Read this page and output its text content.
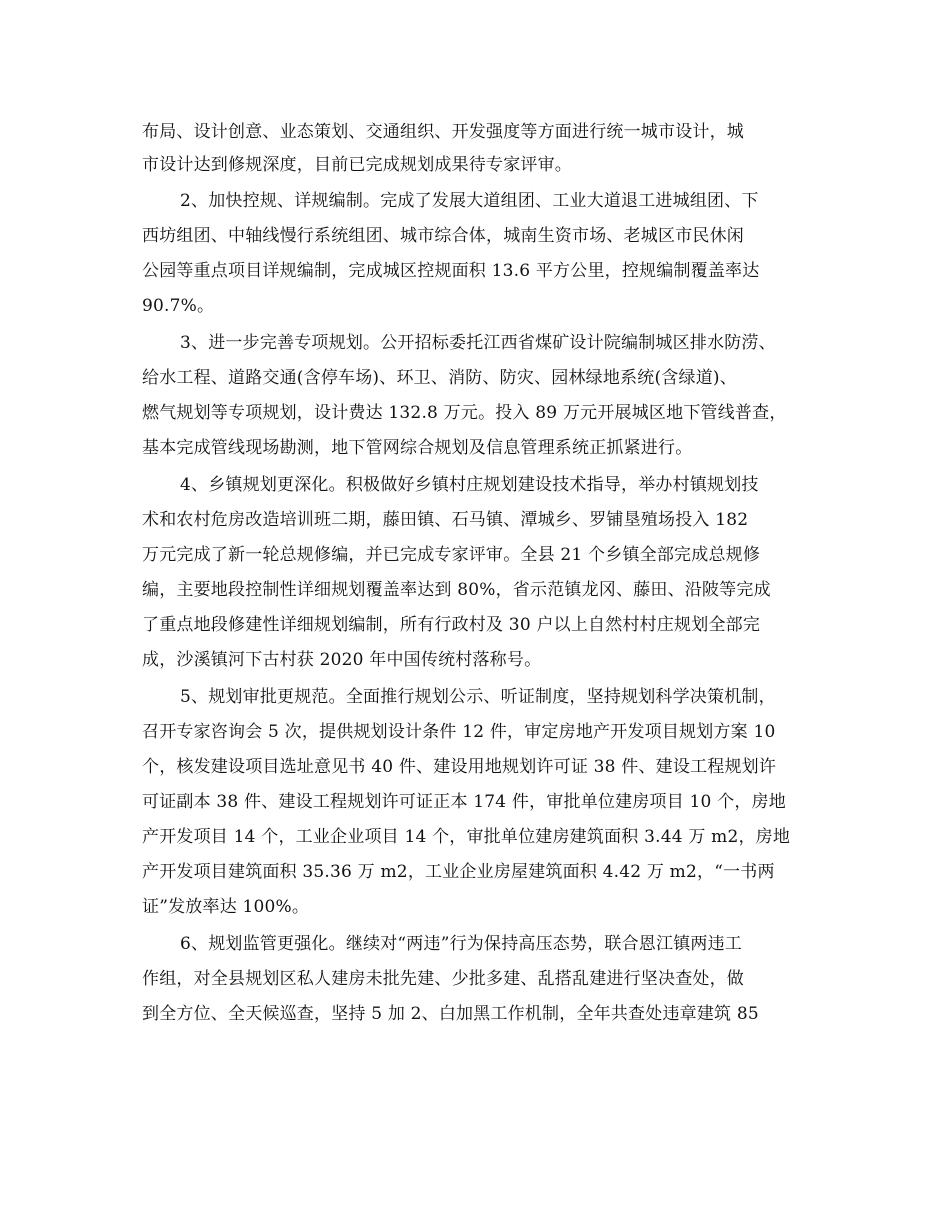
布局、设计创意、业态策划、交通组织、开发强度等方面进行统一城市设计，城
市设计达到修规深度，目前已完成规划成果待专家评审。
2、加快控规、详规编制。完成了发展大道组团、工业大道退工进城组团、下
西坊组团、中轴线慢行系统组团、城市综合体，城南生资市场、老城区市民休闲
公园等重点项目详规编制，完成城区控规面积 13.6 平方公里，控规编制覆盖率达
90.7%。
3、进一步完善专项规划。公开招标委托江西省煤矿设计院编制城区排水防涝、
给水工程、道路交通(含停车场)、环卫、消防、防灾、园林绿地系统(含绿道)、
燃气规划等专项规划，设计费达 132.8 万元。投入 89 万元开展城区地下管线普查，
基本完成管线现场勘测，地下管网综合规划及信息管理系统正抓紧进行。
4、乡镇规划更深化。积极做好乡镇村庄规划建设技术指导，举办村镇规划技
术和农村危房改造培训班二期，藤田镇、石马镇、潭城乡、罗铺垦殖场投入 182
万元完成了新一轮总规修编，并已完成专家评审。全县 21 个乡镇全部完成总规修
编，主要地段控制性详细规划覆盖率达到 80%，省示范镇龙冈、藤田、沿陂等完成
了重点地段修建性详细规划编制，所有行政村及 30 户以上自然村村庄规划全部完
成，沙溪镇河下古村获 2020 年中国传统村落称号。
5、规划审批更规范。全面推行规划公示、听证制度，坚持规划科学决策机制，
召开专家咨询会 5 次，提供规划设计条件 12 件，审定房地产开发项目规划方案 10
个，核发建设项目选址意见书 40 件、建设用地规划许可证 38 件、建设工程规划许
可证副本 38 件、建设工程规划许可证正本 174 件，审批单位建房项目 10 个，房地
产开发项目 14 个，工业企业项目 14 个，审批单位建房建筑面积 3.44 万 m2，房地
产开发项目建筑面积 35.36 万 m2，工业企业房屋建筑面积 4.42 万 m2，“一书两
证”发放率达 100%。
6、规划监管更强化。继续对“两违”行为保持高压态势，联合恩江镇两违工
作组，对全县规划区私人建房未批先建、少批多建、乱搭乱建进行坚决查处，做
到全方位、全天候巡查，坚持 5 加 2、白加黑工作机制，全年共查处违章建筑 85
